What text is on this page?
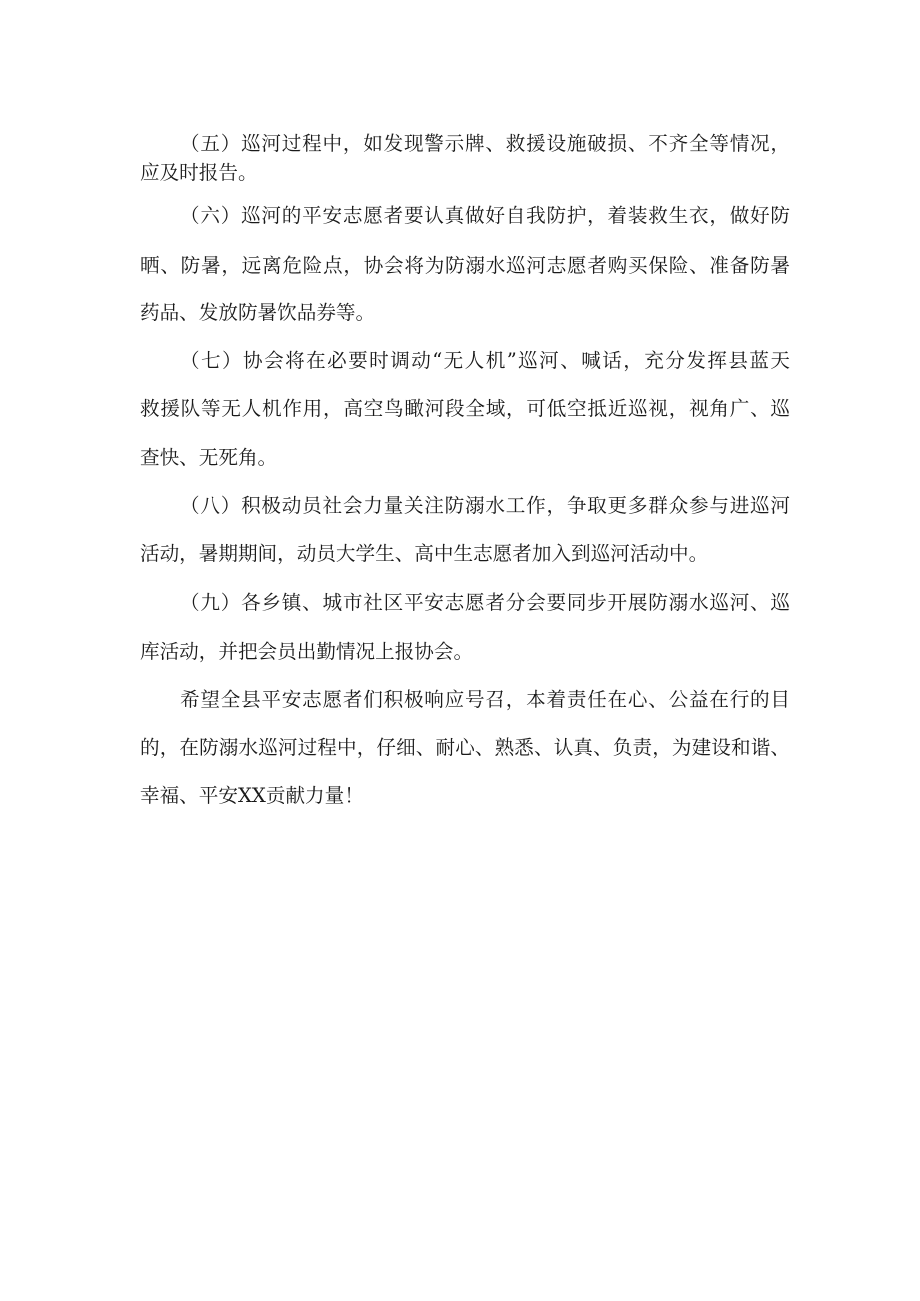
（五）巡河过程中，如发现警示牌、救援设施破损、不齐全等情况，
应及时报告。
（六）巡河的平安志愿者要认真做好自我防护，着装救生衣，做好防
晒、防暑，远离危险点，协会将为防溺水巡河志愿者购买保险、准备防暑
药品、发放防暑饮品券等。
（七）协会将在必要时调动“无人机”巡河、喊话，充分发挥县蓝天
救援队等无人机作用，高空鸟瞰河段全域，可低空抵近巡视，视角广、巡
查快、无死角。
（八）积极动员社会力量关注防溺水工作，争取更多群众参与进巡河
活动，暑期期间，动员大学生、高中生志愿者加入到巡河活动中。
（九）各乡镇、城市社区平安志愿者分会要同步开展防溺水巡河、巡
库活动，并把会员出勤情况上报协会。
希望全县平安志愿者们积极响应号召，本着责任在心、公益在行的目
的，在防溺水巡河过程中，仔细、耐心、熟悉、认真、负责，为建设和谐、
幸福、平安XX贡献力量！
